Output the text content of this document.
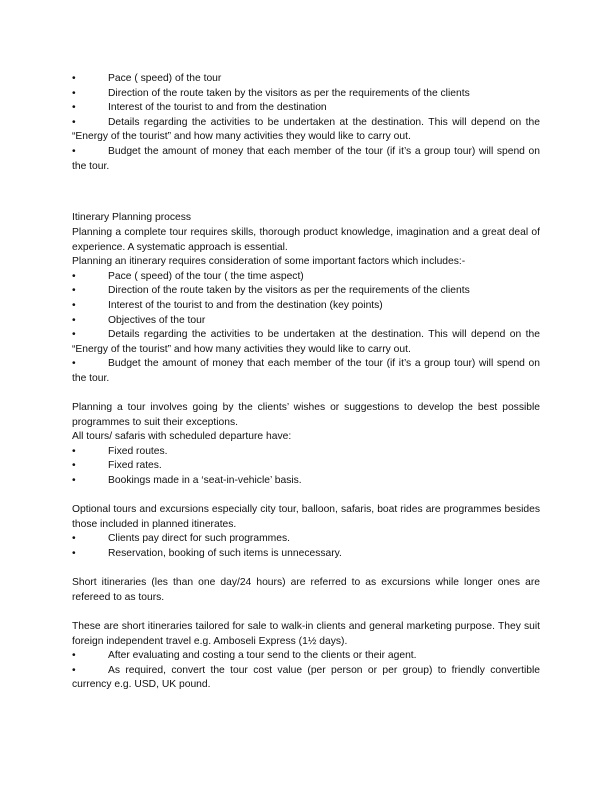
•	Pace ( speed) of the tour

•	Direction of the route taken by the visitors as per the requirements of the clients

•	Interest of the tourist to and from the destination

•	Details regarding the activities to be undertaken at the destination. This will depend on the “Energy of the tourist” and how many activities they would like to carry out.

•	Budget the amount of money that each member of the tour (if it’s a group tour) will spend on the tour.

Itinerary Planning process

Planning a complete tour requires skills, thorough product knowledge, imagination and a great deal of experience. A systematic approach is essential.

Planning an itinerary requires consideration of some important factors which includes:-

•	Pace ( speed) of the tour ( the time aspect)

•	Direction of the route taken by the visitors as per the requirements of the clients

•	Interest of the tourist to and from the destination (key points)

•	Objectives of the tour

•	Details regarding the activities to be undertaken at the destination. This will depend on the “Energy of the tourist” and how many activities they would like to carry out.

•	Budget the amount of money that each member of the tour (if it’s a group tour) will spend on the tour.

Planning a tour involves going by the clients’ wishes or suggestions to develop the best possible programmes to suit their exceptions.

All tours/ safaris with scheduled departure have:

•	Fixed routes.

•	Fixed rates.

•	Bookings made in a ‘seat-in-vehicle’ basis.

Optional tours and excursions especially city tour, balloon, safaris, boat rides are programmes besides those included in planned itinerates.

•	Clients pay direct for such programmes.

•	Reservation, booking of such items is unnecessary.

Short itineraries (les than one day/24 hours) are referred to as excursions while longer ones are refereed to as tours.

These are short itineraries tailored for sale to walk-in clients and general marketing purpose. They suit foreign independent travel e.g. Amboseli Express (1½ days).

•	After evaluating and costing a tour send to the clients or their agent.

•	As required, convert the tour cost value (per person or per group) to friendly convertible currency e.g. USD, UK pound.
